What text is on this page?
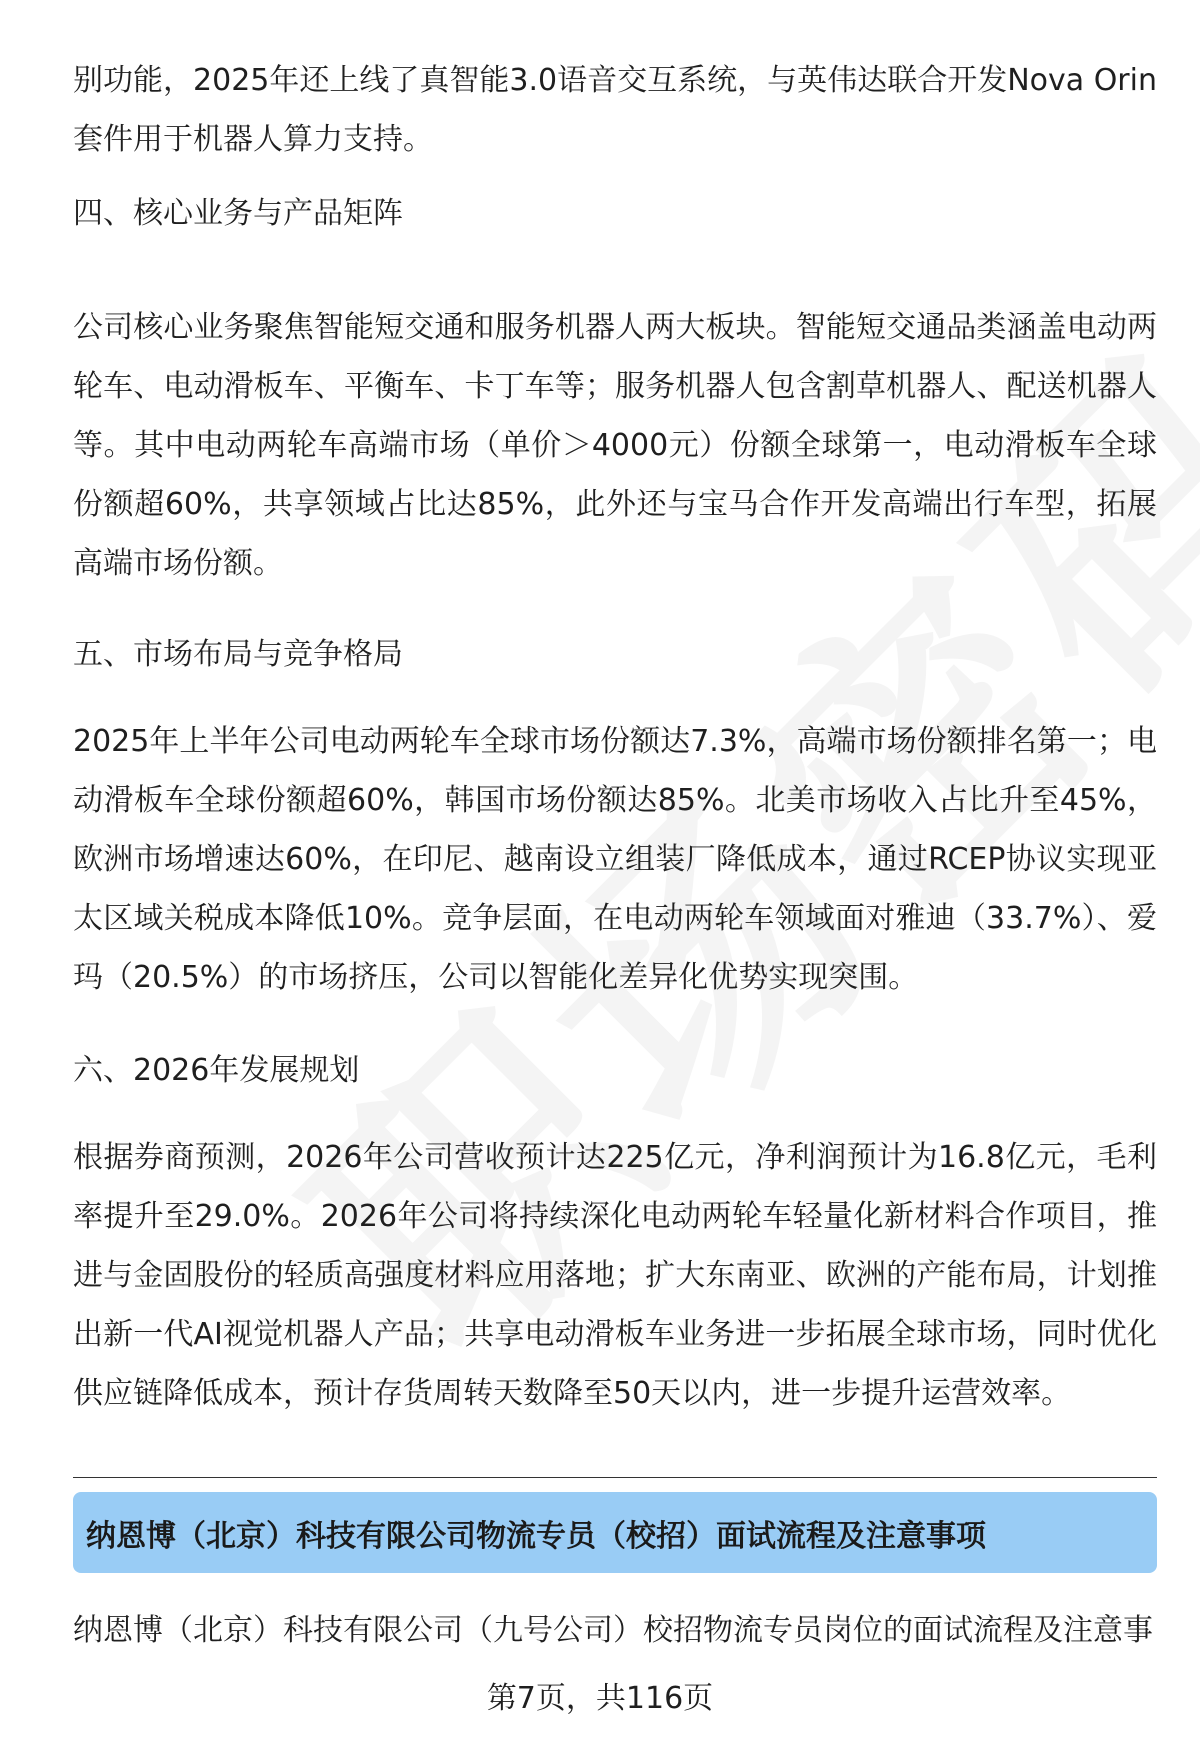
别功能，2025年还上线了真智能3.0语音交互系统，与英伟达联合开发Nova Orin套件用于机器人算力支持。

四、核心业务与产品矩阵

公司核心业务聚焦智能短交通和服务机器人两大板块。智能短交通品类涵盖电动两轮车、电动滑板车、平衡车、卡丁车等；服务机器人包含割草机器人、配送机器人等。其中电动两轮车高端市场（单价＞4000元）份额全球第一，电动滑板车全球份额超60%，共享领域占比达85%，此外还与宝马合作开发高端出行车型，拓展高端市场份额。

五、市场布局与竞争格局

2025年上半年公司电动两轮车全球市场份额达7.3%，高端市场份额排名第一；电动滑板车全球份额超60%，韩国市场份额达85%。北美市场收入占比升至45%，欧洲市场增速达60%，在印尼、越南设立组装厂降低成本，通过RCEP协议实现亚太区域关税成本降低10%。竞争层面，在电动两轮车领域面对雅迪（33.7%）、爱玛（20.5%）的市场挤压，公司以智能化差异化优势实现突围。

六、2026年发展规划

根据券商预测，2026年公司营收预计达225亿元，净利润预计为16.8亿元，毛利率提升至29.0%。2026年公司将持续深化电动两轮车轻量化新材料合作项目，推进与金固股份的轻质高强度材料应用落地；扩大东南亚、欧洲的产能布局，计划推出新一代AI视觉机器人产品；共享电动滑板车业务进一步拓展全球市场，同时优化供应链降低成本，预计存货周转天数降至50天以内，进一步提升运营效率。

纳恩博（北京）科技有限公司物流专员（校招）面试流程及注意事项

纳恩博（北京）科技有限公司（九号公司）校招物流专员岗位的面试流程及注意事

第7页，共116页
